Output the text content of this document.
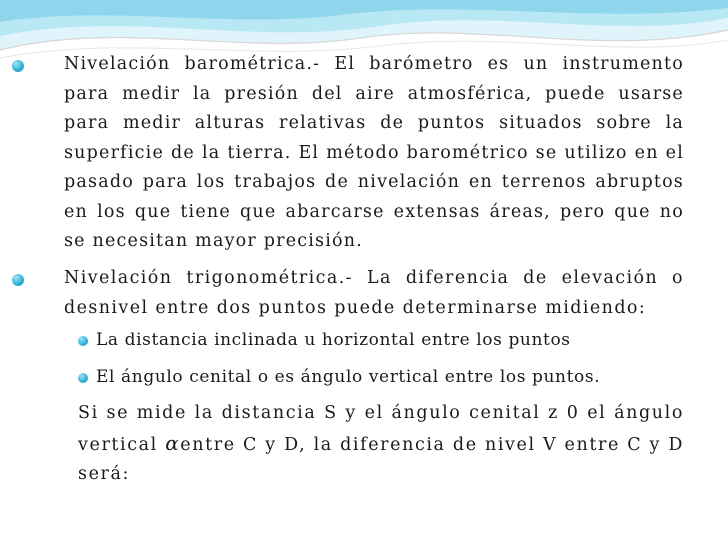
Nivelación barométrica.- El barómetro es un instrumento para medir la presión del aire atmosférica, puede usarse para medir alturas relativas de puntos situados sobre la superficie de la tierra. El método barométrico se utilizo en el pasado para los trabajos de nivelación en terrenos abruptos en los que tiene que abarcarse extensas áreas, pero que no se necesitan mayor precisión.
Nivelación trigonométrica.- La diferencia de elevación o desnivel entre dos puntos puede determinarse midiendo:
La distancia inclinada u horizontal entre los puntos
El ángulo cenital o es ángulo vertical entre los puntos.
Si se mide la distancia S y el ángulo cenital z 0 el ángulo vertical αentre C y D, la diferencia de nivel V entre C y D será:
